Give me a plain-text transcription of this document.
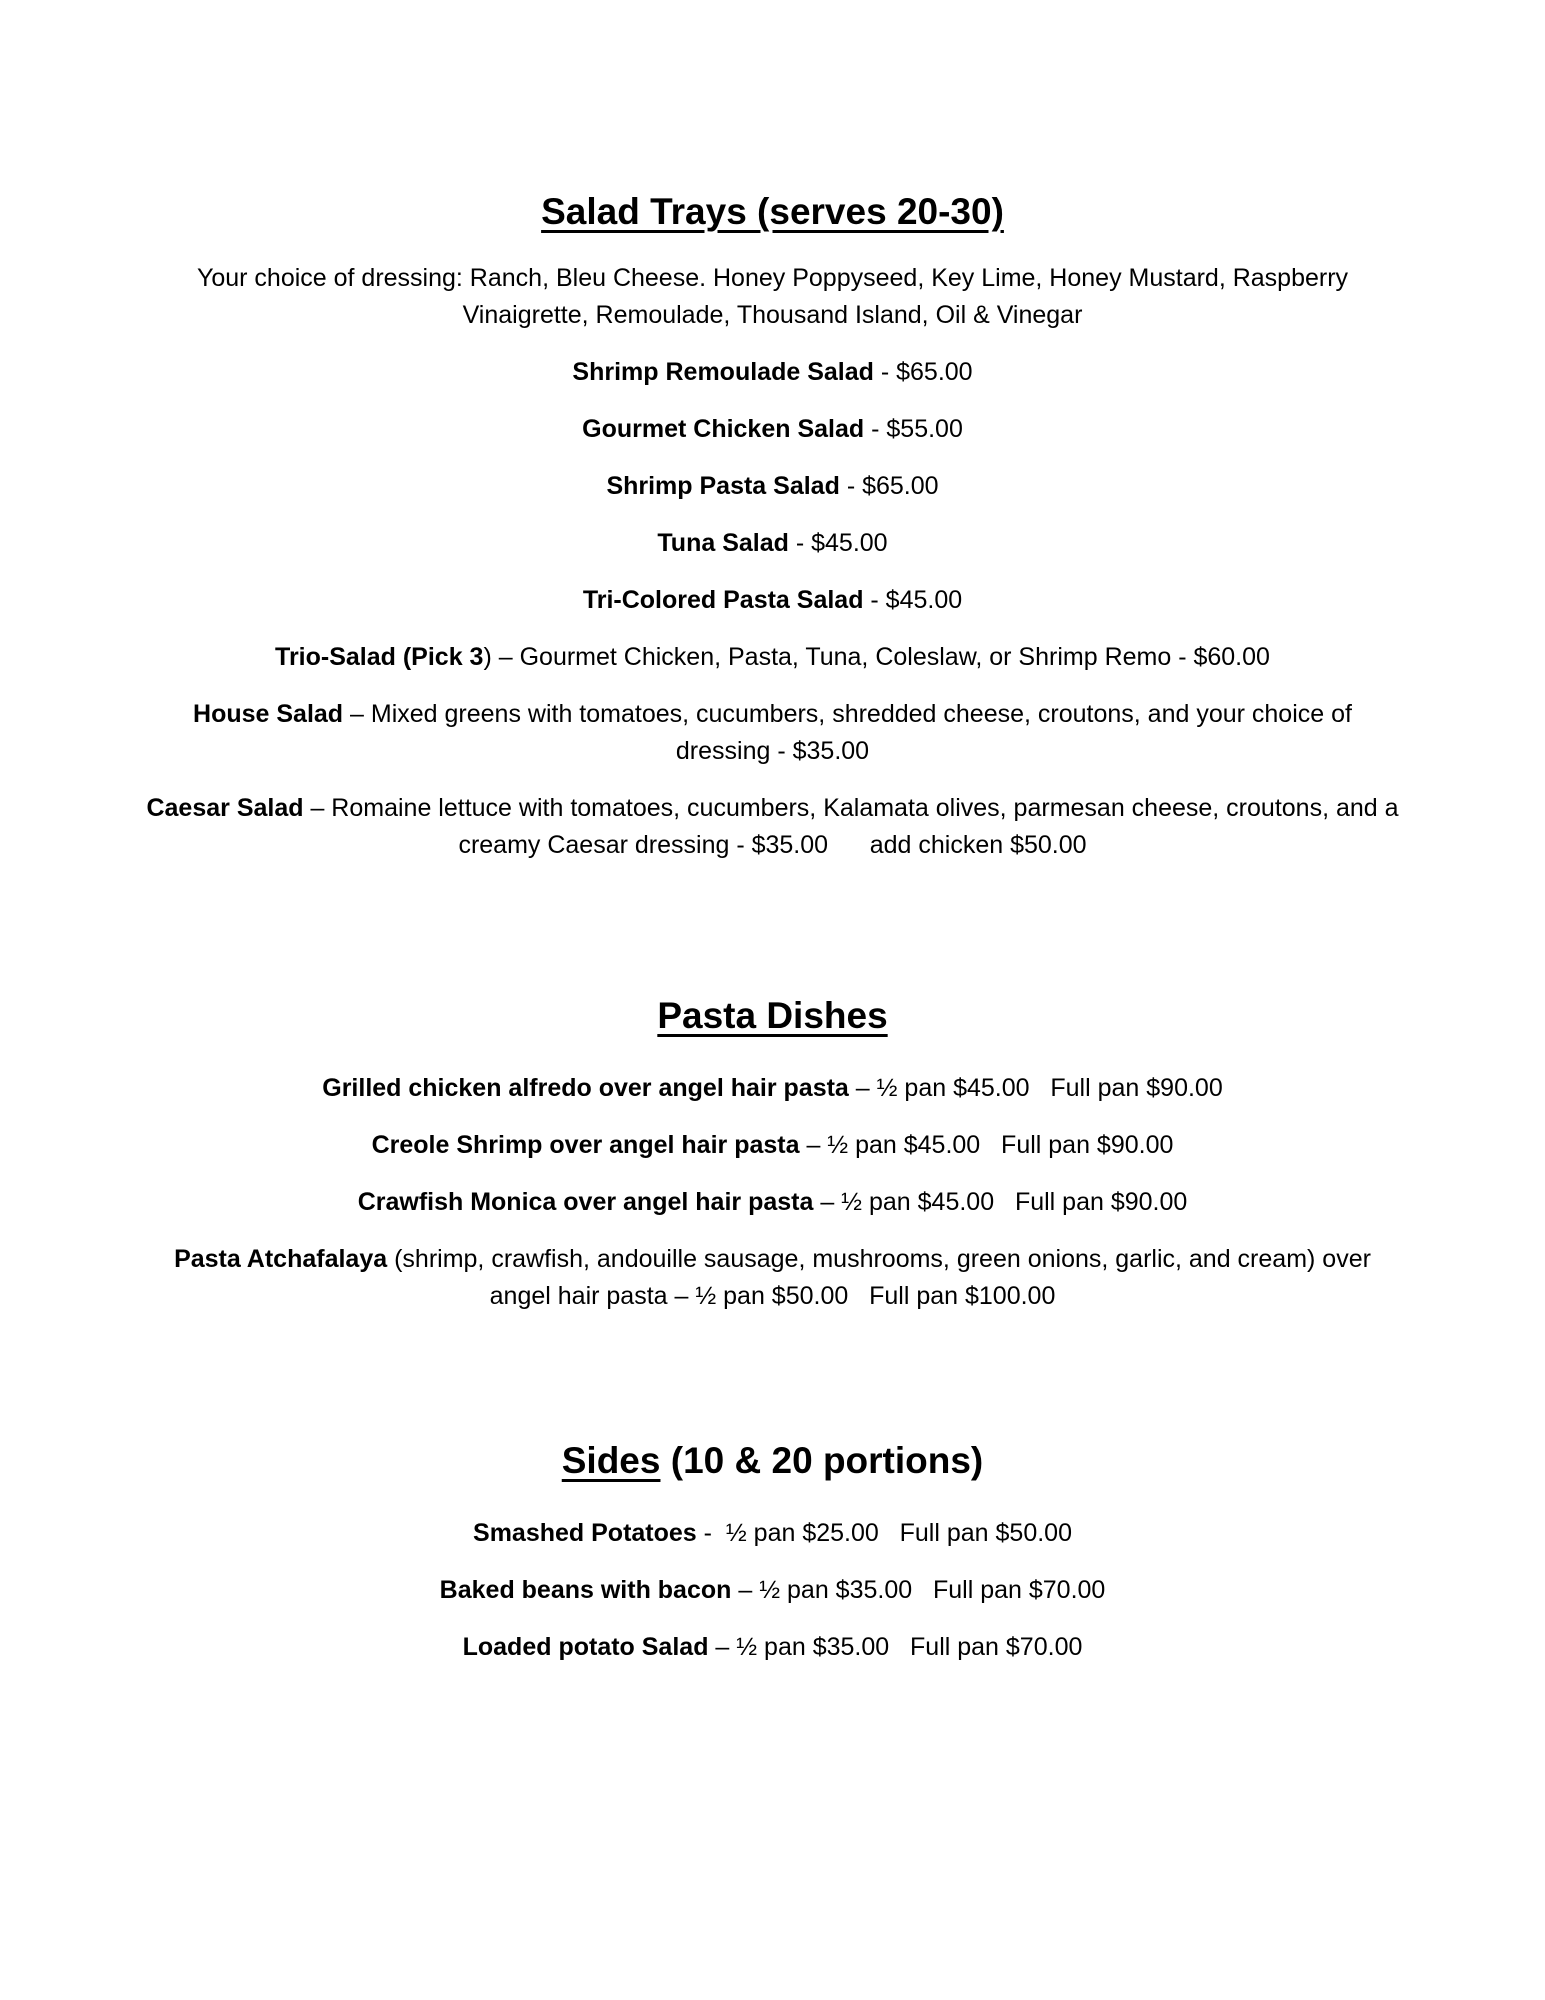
Salad Trays (serves 20-30)

Your choice of dressing: Ranch, Bleu Cheese. Honey Poppyseed, Key Lime, Honey Mustard, Raspberry Vinaigrette, Remoulade, Thousand Island, Oil & Vinegar

Shrimp Remoulade Salad - $65.00

Gourmet Chicken Salad - $55.00

Shrimp Pasta Salad - $65.00

Tuna Salad - $45.00

Tri-Colored Pasta Salad - $45.00

Trio-Salad (Pick 3) – Gourmet Chicken, Pasta, Tuna, Coleslaw, or Shrimp Remo - $60.00

House Salad – Mixed greens with tomatoes, cucumbers, shredded cheese, croutons, and your choice of dressing - $35.00

Caesar Salad – Romaine lettuce with tomatoes, cucumbers, Kalamata olives, parmesan cheese, croutons, and a creamy Caesar dressing - $35.00      add chicken $50.00

Pasta Dishes

Grilled chicken alfredo over angel hair pasta – ½ pan $45.00   Full pan $90.00

Creole Shrimp over angel hair pasta – ½ pan $45.00   Full pan $90.00

Crawfish Monica over angel hair pasta – ½ pan $45.00   Full pan $90.00

Pasta Atchafalaya (shrimp, crawfish, andouille sausage, mushrooms, green onions, garlic, and cream) over angel hair pasta – ½ pan $50.00   Full pan $100.00

Sides (10 & 20 portions)

Smashed Potatoes -  ½ pan $25.00   Full pan $50.00

Baked beans with bacon – ½ pan $35.00   Full pan $70.00

Loaded potato Salad – ½ pan $35.00   Full pan $70.00
